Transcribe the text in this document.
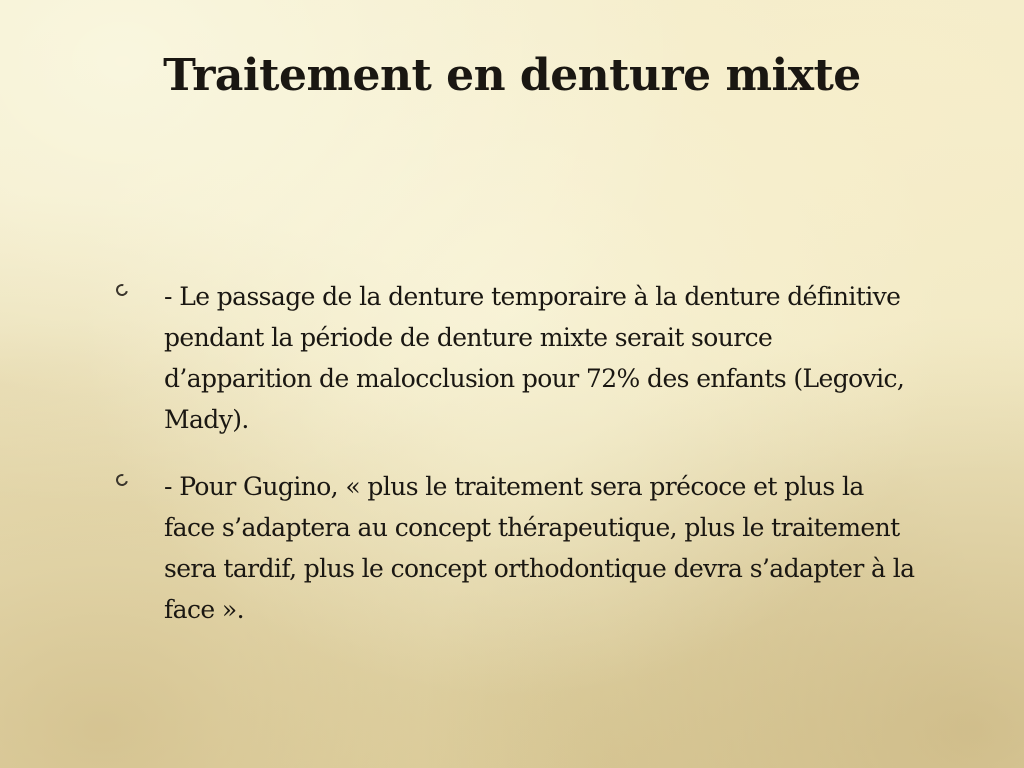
Traitement en denture mixte
- Le passage de la denture temporaire à la denture définitive pendant la période de denture mixte serait source d’apparition de malocclusion pour 72% des enfants (Legovic, Mady).
- Pour Gugino, « plus le traitement sera précoce et plus la face s’adaptera au concept thérapeutique, plus le traitement sera tardif, plus le concept orthodontique devra s’adapter à la face ».
